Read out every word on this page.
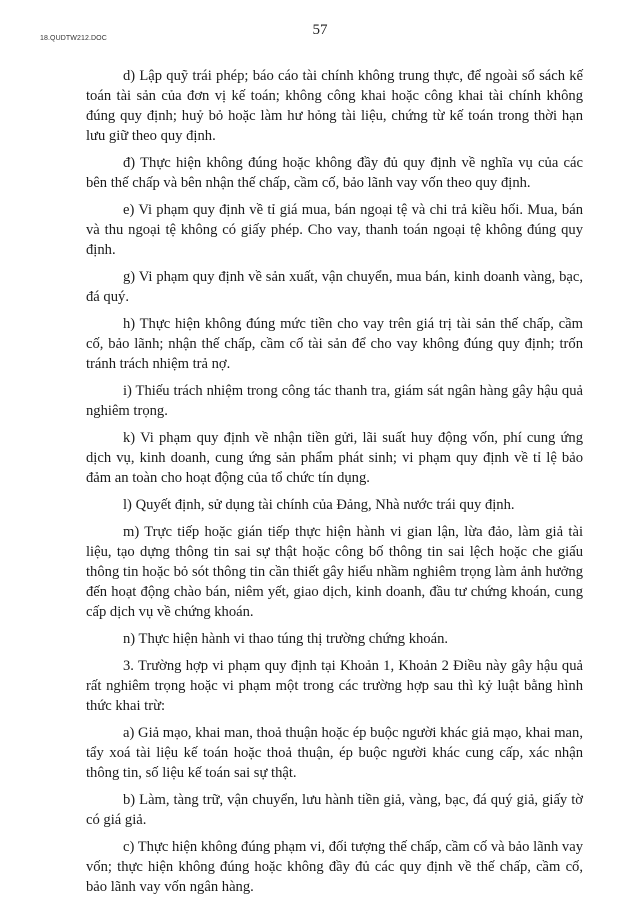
18.QUDTW212.DOC
57

d) Lập quỹ trái phép; báo cáo tài chính không trung thực, để ngoài sổ sách kế toán tài sản của đơn vị kế toán; không công khai hoặc công khai tài chính không đúng quy định; huỷ bỏ hoặc làm hư hỏng tài liệu, chứng từ kế toán trong thời hạn lưu giữ theo quy định.

đ) Thực hiện không đúng hoặc không đầy đủ quy định về nghĩa vụ của các bên thế chấp và bên nhận thế chấp, cầm cố, bảo lãnh vay vốn theo quy định.

e) Vi phạm quy định về tỉ giá mua, bán ngoại tệ và chi trả kiều hối. Mua, bán và thu ngoại tệ không có giấy phép. Cho vay, thanh toán ngoại tệ không đúng quy định.

g) Vi phạm quy định về sản xuất, vận chuyển, mua bán, kinh doanh vàng, bạc, đá quý.

h) Thực hiện không đúng mức tiền cho vay trên giá trị tài sản thế chấp, cầm cố, bảo lãnh; nhận thế chấp, cầm cố tài sản để cho vay không đúng quy định; trốn tránh trách nhiệm trả nợ.

i) Thiếu trách nhiệm trong công tác thanh tra, giám sát ngân hàng gây hậu quả nghiêm trọng.

k) Vi phạm quy định về nhận tiền gửi, lãi suất huy động vốn, phí cung ứng dịch vụ, kinh doanh, cung ứng sản phẩm phát sinh; vi phạm quy định về tỉ lệ bảo đảm an toàn cho hoạt động của tổ chức tín dụng.

l) Quyết định, sử dụng tài chính của Đảng, Nhà nước trái quy định.

m) Trực tiếp hoặc gián tiếp thực hiện hành vi gian lận, lừa đảo, làm giả tài liệu, tạo dựng thông tin sai sự thật hoặc công bố thông tin sai lệch hoặc che giấu thông tin hoặc bỏ sót thông tin cần thiết gây hiểu nhầm nghiêm trọng làm ảnh hưởng đến hoạt động chào bán, niêm yết, giao dịch, kinh doanh, đầu tư chứng khoán, cung cấp dịch vụ về chứng khoán.

n) Thực hiện hành vi thao túng thị trường chứng khoán.

3. Trường hợp vi phạm quy định tại Khoản 1, Khoản 2 Điều này gây hậu quả rất nghiêm trọng hoặc vi phạm một trong các trường hợp sau thì kỷ luật bằng hình thức khai trừ:

a) Giả mạo, khai man, thoả thuận hoặc ép buộc người khác giả mạo, khai man, tẩy xoá tài liệu kế toán hoặc thoả thuận, ép buộc người khác cung cấp, xác nhận thông tin, số liệu kế toán sai sự thật.

b) Làm, tàng trữ, vận chuyển, lưu hành tiền giả, vàng, bạc, đá quý giả, giấy tờ có giá giả.

c) Thực hiện không đúng phạm vi, đối tượng thế chấp, cầm cố và bảo lãnh vay vốn; thực hiện không đúng hoặc không đầy đủ các quy định về thế chấp, cầm cố, bảo lãnh vay vốn ngân hàng.
